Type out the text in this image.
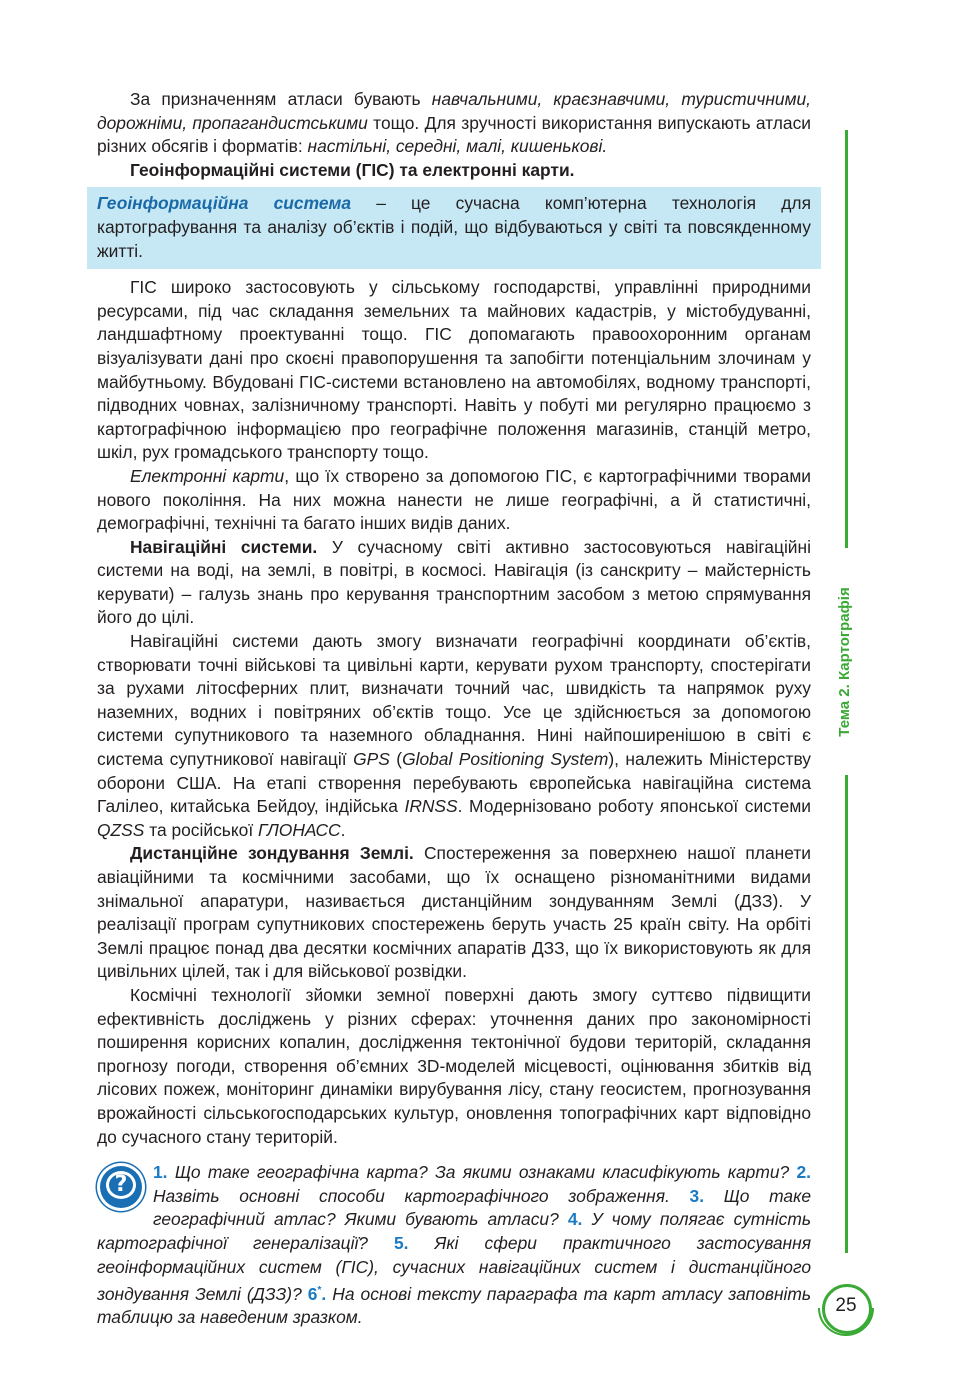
За призначенням атласи бувають навчальними, краєзнавчими, туристичними, дорожніми, пропагандистськими тощо. Для зручності використання випускають атласи різних обсягів і форматів: настільні, середні, малі, кишенькові.

Геоінформаційні системи (ГІС) та електронні карти.

Геоінформаційна система – це сучасна комп’ютерна технологія для картографування та аналізу об’єктів і подій, що відбуваються у світі та повсякденному житті.

ГІС широко застосовують у сільському господарстві, управлінні природними ресурсами, під час складання земельних та майнових кадастрів, у містобудуванні, ландшафтному проектуванні тощо. ГІС допомагають правоохоронним органам візуалізувати дані про скоєні правопорушення та запобігти потенціальним злочинам у майбутньому. Вбудовані ГІС-системи встановлено на автомобілях, водному транспорті, підводних човнах, залізничному транспорті. Навіть у побуті ми регулярно працюємо з картографічною інформацією про географічне положення магазинів, станцій метро, шкіл, рух громадського транспорту тощо.

Електронні карти, що їх створено за допомогою ГІС, є картографічними творами нового покоління. На них можна нанести не лише географічні, а й статистичні, демографічні, технічні та багато інших видів даних.

Навігаційні системи. У сучасному світі активно застосовуються навігаційні системи на воді, на землі, в повітрі, в космосі. Навігація (із санскриту – майстерність керувати) – галузь знань про керування транспортним засобом з метою спрямування його до цілі.

Навігаційні системи дають змогу визначати географічні координати об’єктів, створювати точні військові та цивільні карти, керувати рухом транспорту, спостерігати за рухами літосферних плит, визначати точний час, швидкість та напрямок руху наземних, водних і повітряних об’єктів тощо. Усе це здійснюється за допомогою системи супутникового та наземного обладнання. Нині найпоширенішою в світі є система супутникової навігації GPS (Global Positioning System), належить Міністерству оборони США. На етапі створення перебувають європейська навігаційна система Галілео, китайська Бейдоу, індійська IRNSS. Модернізовано роботу японської системи QZSS та російської ГЛОНАСС.

Дистанційне зондування Землі. Спостереження за поверхнею нашої планети авіаційними та космічними засобами, що їх оснащено різноманітними видами знімальної апаратури, називається дистанційним зондуванням Землі (ДЗЗ). У реалізації програм супутникових спостережень беруть участь 25 країн світу. На орбіті Землі працює понад два десятки космічних апаратів ДЗЗ, що їх використовують як для цивільних цілей, так і для військової розвідки.

Космічні технології зйомки земної поверхні дають змогу суттєво підвищити ефективність досліджень у різних сферах: уточнення даних про закономірності поширення корисних копалин, дослідження тектонічної будови територій, складання прогнозу погоди, створення об’ємних 3D-моделей місцевості, оцінювання збитків від лісових пожеж, моніторинг динаміки вирубування лісу, стану геосистем, прогнозування врожайності сільськогосподарських культур, оновлення топографічних карт відповідно до сучасного стану територій.

?	1. Що таке географічна карта? За якими ознаками класифікують карти? 2. Назвіть основні способи картографічного зображення. 3. Що таке географічний атлас? Якими бувають атласи? 4. У чому полягає сутність картографічної генералізації? 5. Які сфери практичного застосування геоінформаційних систем (ГІС), сучасних навігаційних систем і дистанційного зондування Землі (ДЗЗ)? 6*. На основі тексту параграфа та карт атласу заповніть таблицю за наведеним зразком.

Тема 2. Картографія
25
